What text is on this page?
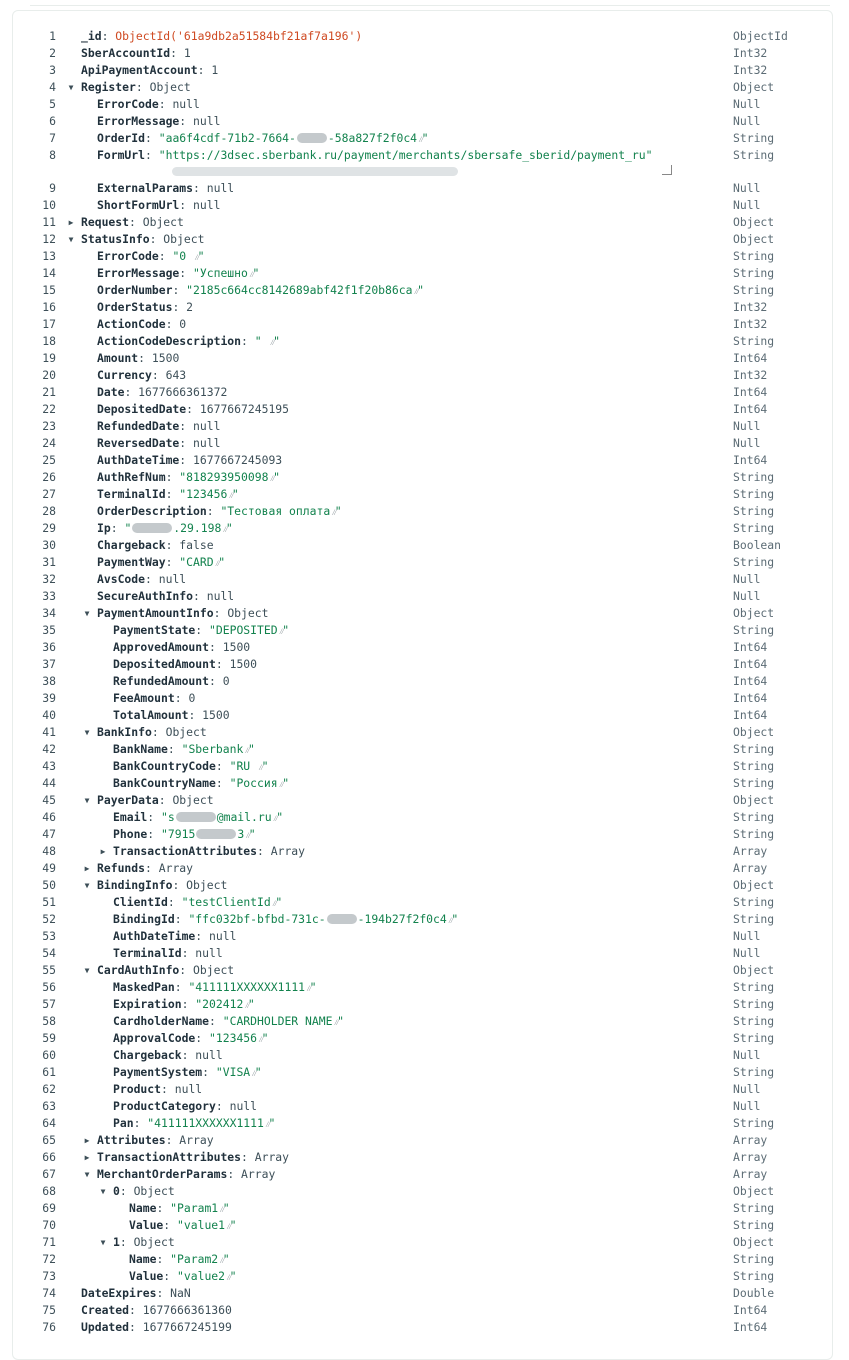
1 _id: ObjectId('61a9db2a51584bf21af7a196')	ObjectId
2 SberAccountId: 1	Int32
3 ApiPaymentAccount: 1	Int32
4	▼ Register: Object	Object
5	ErrorCode: null	Null
6	ErrorMessage: null	Null
7	OrderId: "aa6f4cdf-71b2-7664-	-58a827f2f0c4⁄⁄"	String
8	FormUrl: "https://3dsec.sberbank.ru/payment/merchants/sbersafe_sberid/payment_ru"	String
9	ExternalParams: null	Null
10	ShortFormUrl: null	Null
11	▶ Request: Object	Object
12	▼ StatusInfo: Object	Object
13	ErrorCode: "0 ⁄⁄"	String
14	ErrorMessage: "Успешно⁄⁄"	String
15	OrderNumber: "2185c664cc8142689abf42f1f20b86ca⁄⁄"	String
16	OrderStatus: 2	Int32
17	ActionCode: 0	Int32
18	ActionCodeDescription: " ⁄⁄"	String
19	Amount: 1500	Int64
20	Currency: 643	Int32
21	Date: 1677666361372	Int64
22	DepositedDate: 1677667245195	Int64
23	RefundedDate: null	Null
24	ReversedDate: null	Null
25	AuthDateTime: 1677667245093	Int64
26	AuthRefNum: "818293950098⁄⁄"	String
27	TerminalId: "123456⁄⁄"	String
28	OrderDescription: "Тестовая оплата⁄⁄"	String
29	Ip: "	.29.198⁄⁄"	String
30	Chargeback: false	Boolean
31	PaymentWay: "CARD⁄⁄"	String
32	AvsCode: null	Null
33	SecureAuthInfo: null	Null
34	▼ PaymentAmountInfo: Object	Object
35	PaymentState: "DEPOSITED⁄⁄"	String
36	ApprovedAmount: 1500	Int64
37	DepositedAmount: 1500	Int64
38	RefundedAmount: 0	Int64
39	FeeAmount: 0	Int64
40	TotalAmount: 1500	Int64
41	▼ BankInfo: Object	Object
42	BankName: "Sberbank⁄⁄"	String
43	BankCountryCode: "RU ⁄⁄"	String
44	BankCountryName: "Россия⁄⁄"	String
45	▼ PayerData: Object	Object
46	Email: "s	@mail.ru⁄⁄"	String
47	Phone: "7915	3⁄⁄"	String
48	▶ TransactionAttributes: Array	Array
49	▶ Refunds: Array	Array
50	▼ BindingInfo: Object	Object
51	ClientId: "testClientId⁄⁄"	String
52	BindingId: "ffc032bf-bfbd-731c-	-194b27f2f0c4⁄⁄"	String
53	AuthDateTime: null	Null
54	TerminalId: null	Null
55	▼ CardAuthInfo: Object	Object
56	MaskedPan: "411111XXXXXX1111⁄⁄"	String
57	Expiration: "202412⁄⁄"	String
58	CardholderName: "CARDHOLDER NAME⁄⁄"	String
59	ApprovalCode: "123456⁄⁄"	String
60	Chargeback: null	Null
61	PaymentSystem: "VISA⁄⁄"	String
62	Product: null	Null
63	ProductCategory: null	Null
64	Pan: "411111XXXXXX1111⁄⁄"	String
65	▶ Attributes: Array	Array
66	▶ TransactionAttributes: Array	Array
67	▼ MerchantOrderParams: Array	Array
68	▼ 0: Object	Object
69	Name: "Param1⁄⁄"	String
70	Value: "value1⁄⁄"	String
71	▼ 1: Object	Object
72	Name: "Param2⁄⁄"	String
73	Value: "value2⁄⁄"	String
74 DateExpires: NaN	Double
75 Created: 1677666361360	Int64
76 Updated: 1677667245199	Int64
